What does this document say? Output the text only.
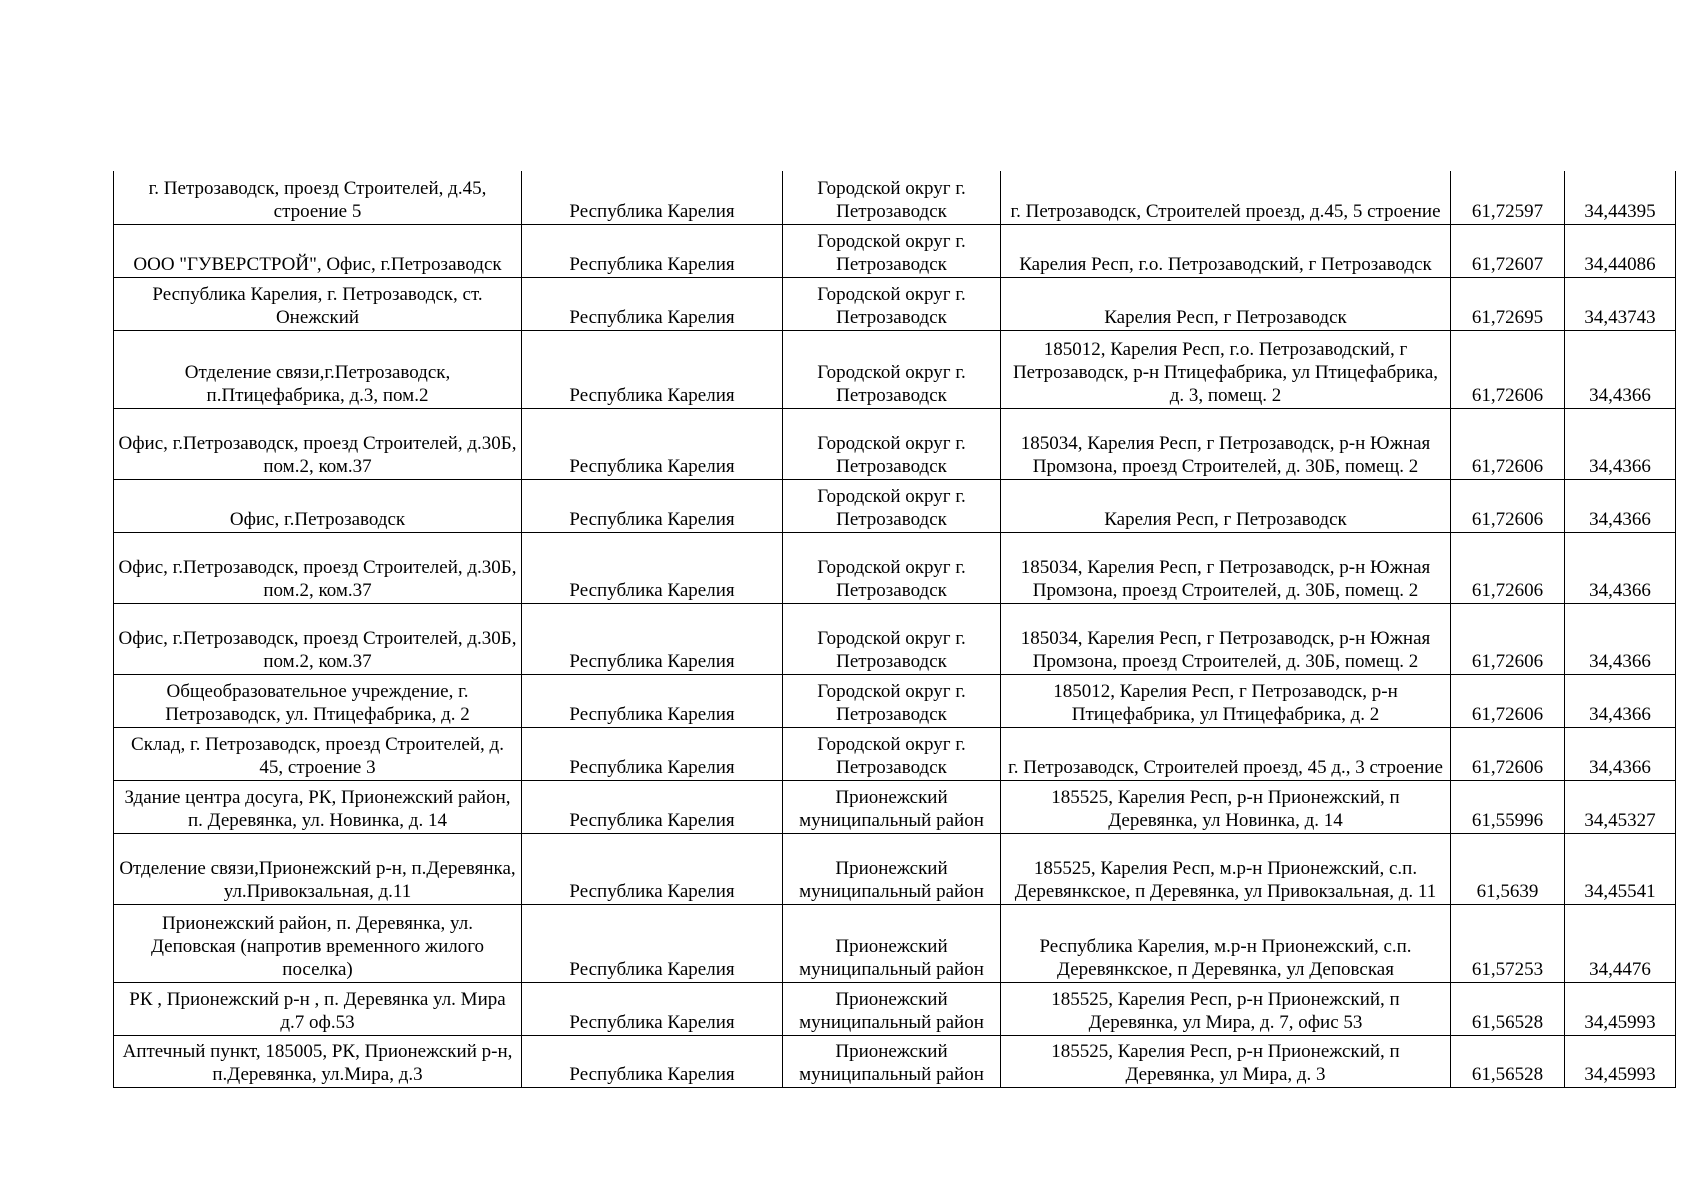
г. Петрозаводск, проезд Строителей, д.45, строение 5	Республика Карелия	Городской округ г. Петрозаводск	г. Петрозаводск, Строителей проезд, д.45, 5 строение	61,72597	34,44395
ООО "ГУВЕРСТРОЙ", Офис, г.Петрозаводск	Республика Карелия	Городской округ г. Петрозаводск	Карелия Респ, г.о. Петрозаводский, г Петрозаводск	61,72607	34,44086
Республика Карелия, г. Петрозаводск, ст. Онежский	Республика Карелия	Городской округ г. Петрозаводск	Карелия Респ, г Петрозаводск	61,72695	34,43743
Отделение связи,г.Петрозаводск, п.Птицефабрика, д.3, пом.2	Республика Карелия	Городской округ г. Петрозаводск	185012, Карелия Респ, г.о. Петрозаводский, г Петрозаводск, р-н Птицефабрика, ул Птицефабрика, д. 3, помещ. 2	61,72606	34,4366
Офис, г.Петрозаводск, проезд Строителей, д.30Б, пом.2, ком.37	Республика Карелия	Городской округ г. Петрозаводск	185034, Карелия Респ, г Петрозаводск, р-н Южная Промзона, проезд Строителей, д. 30Б, помещ. 2	61,72606	34,4366
Офис, г.Петрозаводск	Республика Карелия	Городской округ г. Петрозаводск	Карелия Респ, г Петрозаводск	61,72606	34,4366
Офис, г.Петрозаводск, проезд Строителей, д.30Б, пом.2, ком.37	Республика Карелия	Городской округ г. Петрозаводск	185034, Карелия Респ, г Петрозаводск, р-н Южная Промзона, проезд Строителей, д. 30Б, помещ. 2	61,72606	34,4366
Офис, г.Петрозаводск, проезд Строителей, д.30Б, пом.2, ком.37	Республика Карелия	Городской округ г. Петрозаводск	185034, Карелия Респ, г Петрозаводск, р-н Южная Промзона, проезд Строителей, д. 30Б, помещ. 2	61,72606	34,4366
Общеобразовательное учреждение, г. Петрозаводск, ул. Птицефабрика, д. 2	Республика Карелия	Городской округ г. Петрозаводск	185012, Карелия Респ, г Петрозаводск, р-н Птицефабрика, ул Птицефабрика, д. 2	61,72606	34,4366
Склад, г. Петрозаводск, проезд Строителей, д. 45, строение 3	Республика Карелия	Городской округ г. Петрозаводск	г. Петрозаводск, Строителей проезд, 45 д., 3 строение	61,72606	34,4366
Здание центра досуга, РК, Прионежский район, п. Деревянка, ул. Новинка, д. 14	Республика Карелия	Прионежский муниципальный район	185525, Карелия Респ, р-н Прионежский, п Деревянка, ул Новинка, д. 14	61,55996	34,45327
Отделение связи,Прионежский р-н, п.Деревянка, ул.Привокзальная, д.11	Республика Карелия	Прионежский муниципальный район	185525, Карелия Респ, м.р-н Прионежский, с.п. Деревянкское, п Деревянка, ул Привокзальная, д. 11	61,5639	34,45541
Прионежский район, п. Деревянка, ул. Деповская (напротив временного жилого поселка)	Республика Карелия	Прионежский муниципальный район	Республика Карелия, м.р-н Прионежский, с.п. Деревянкское, п Деревянка, ул Деповская	61,57253	34,4476
РК , Прионежский р-н , п. Деревянка ул. Мира д.7 оф.53	Республика Карелия	Прионежский муниципальный район	185525, Карелия Респ, р-н Прионежский, п Деревянка, ул Мира, д. 7, офис 53	61,56528	34,45993
Аптечный пункт, 185005, РК, Прионежский р-н, п.Деревянка, ул.Мира, д.3	Республика Карелия	Прионежский муниципальный район	185525, Карелия Респ, р-н Прионежский, п Деревянка, ул Мира, д. 3	61,56528	34,45993
